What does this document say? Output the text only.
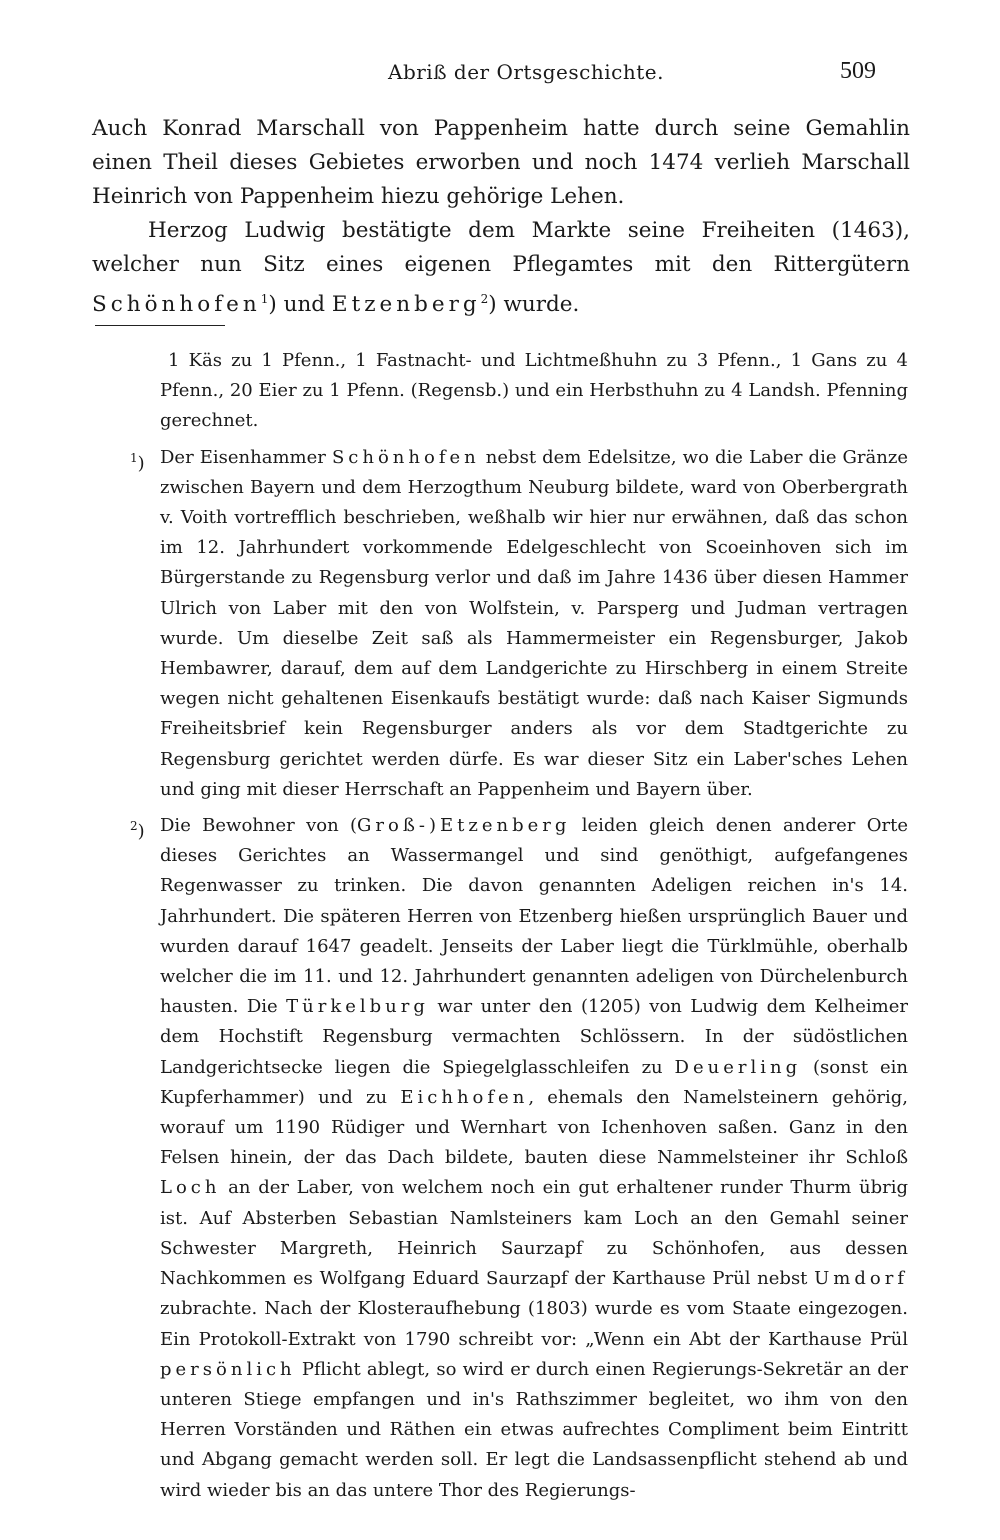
Abriß der Ortsgeschichte.	509

Auch Konrad Marschall von Pappenheim hatte durch seine Gemahlin einen Theil dieses Gebietes erworben und noch 1474 verlieh Marschall Heinrich von Pappenheim hiezu gehörige Lehen.

Herzog Ludwig bestätigte dem Markte seine Freiheiten (1463), welcher nun Sitz eines eigenen Pflegamtes mit den Rittergütern Schönhofen$^1$) und Etzenberg$^2$) wurde.

1 Käs zu 1 Pfenn., 1 Fastnacht- und Lichtmeßhuhn zu 3 Pfenn., 1 Gans zu 4 Pfenn., 20 Eier zu 1 Pfenn. (Regensb.) und ein Herbsthuhn zu 4 Landsh. Pfenning gerechnet.

$^1$) Der Eisenhammer Schönhofen nebst dem Edelsitze, wo die Laber die Gränze zwischen Bayern und dem Herzogthum Neuburg bildete, ward von Oberbergrath v. Voith vortrefflich beschrieben, weßhalb wir hier nur erwähnen, daß das schon im 12. Jahrhundert vorkommende Edelgeschlecht von Scoeinhoven sich im Bürgerstande zu Regensburg verlor und daß im Jahre 1436 über diesen Hammer Ulrich von Laber mit den von Wolfstein, v. Parsperg und Judman vertragen wurde. Um dieselbe Zeit saß als Hammermeister ein Regensburger, Jakob Hembawrer, darauf, dem auf dem Landgerichte zu Hirschberg in einem Streite wegen nicht gehaltenen Eisenkaufs bestätigt wurde: daß nach Kaiser Sigmunds Freiheitsbrief kein Regensburger anders als vor dem Stadtgerichte zu Regensburg gerichtet werden dürfe. Es war dieser Sitz ein Laber'sches Lehen und ging mit dieser Herrschaft an Pappenheim und Bayern über.

$^2$) Die Bewohner von (Groß-)Etzenberg leiden gleich denen anderer Orte dieses Gerichtes an Wassermangel und sind genöthigt, aufgefangenes Regenwasser zu trinken. Die davon genannten Adeligen reichen in's 14. Jahrhundert. Die späteren Herren von Etzenberg hießen ursprünglich Bauer und wurden darauf 1647 geadelt. Jenseits der Laber liegt die Türklmühle, oberhalb welcher die im 11. und 12. Jahrhundert genannten adeligen von Dürchelenburch hausten. Die Türkelburg war unter den (1205) von Ludwig dem Kelheimer dem Hochstift Regensburg vermachten Schlössern. In der südöstlichen Landgerichtsecke liegen die Spiegelglasschleifen zu Deuerling (sonst ein Kupferhammer) und zu Eichhofen, ehemals den Namelsteinern gehörig, worauf um 1190 Rüdiger und Wernhart von Ichenhoven saßen. Ganz in den Felsen hinein, der das Dach bildete, bauten diese Nammelsteiner ihr Schloß Loch an der Laber, von welchem noch ein gut erhaltener runder Thurm übrig ist. Auf Absterben Sebastian Namlsteiners kam Loch an den Gemahl seiner Schwester Margreth, Heinrich Saurzapf zu Schönhofen, aus dessen Nachkommen es Wolfgang Eduard Saurzapf der Karthause Prül nebst Umdorf zubrachte. Nach der Klosteraufhebung (1803) wurde es vom Staate eingezogen. Ein Protokoll-Extrakt von 1790 schreibt vor: „Wenn ein Abt der Karthause Prül persönlich Pflicht ablegt, so wird er durch einen Regierungs-Sekretär an der unteren Stiege empfangen und in's Rathszimmer begleitet, wo ihm von den Herren Vorständen und Räthen ein etwas aufrechtes Compliment beim Eintritt und Abgang gemacht werden soll. Er legt die Landsassenpflicht stehend ab und wird wieder bis an das untere Thor des Regierungs-
